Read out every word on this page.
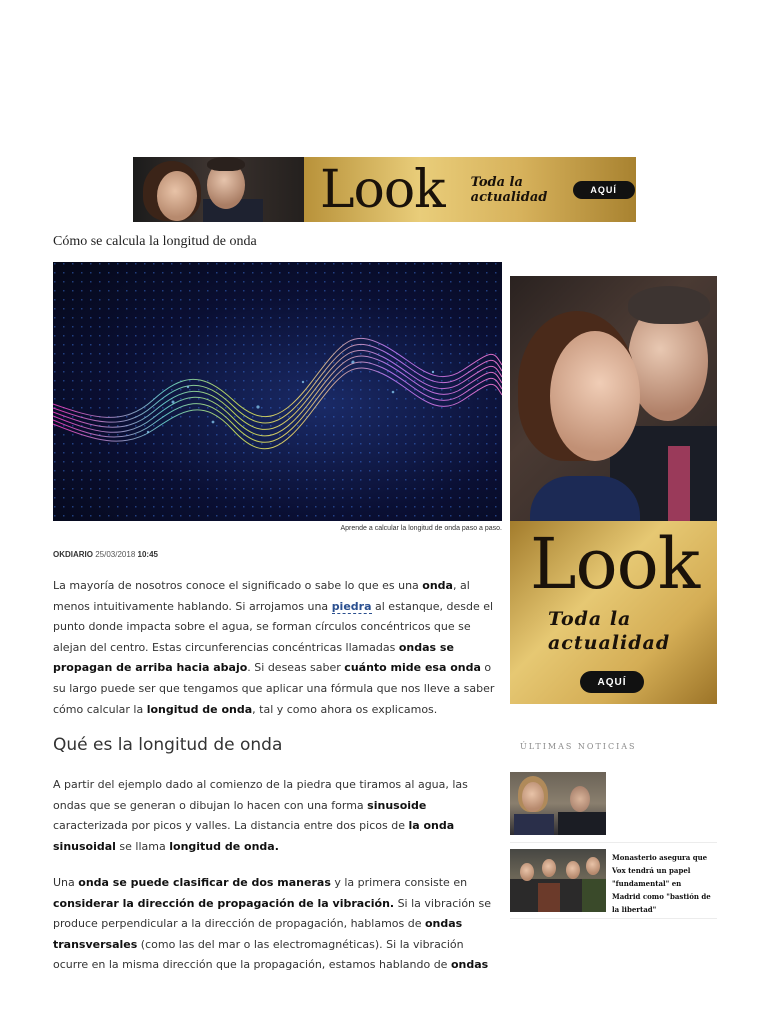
Look Toda la
actualidad	AQUÍ
Cómo se calcula la longitud de onda
Aprende a calcular la longitud de onda paso a paso.
OKDIARIO 25/03/2018 10:45

La mayoría de nosotros conoce el significado o sabe lo que es una onda, al menos intuitivamente hablando. Si arrojamos una piedra al estanque, desde el punto donde impacta sobre el agua, se forman círculos concéntricos que se alejan del centro. Estas circunferencias concéntricas llamadas ondas se propagan de arriba hacia abajo. Si deseas saber cuánto mide esa onda o su largo puede ser que tengamos que aplicar una fórmula que nos lleve a saber cómo calcular la longitud de onda, tal y como ahora os explicamos.

Qué es la longitud de onda

A partir del ejemplo dado al comienzo de la piedra que tiramos al agua, las ondas que se generan o dibujan lo hacen con una forma sinusoide caracterizada por picos y valles. La distancia entre dos picos de la onda sinusoidal se llama longitud de onda.

Una onda se puede clasificar de dos maneras y la primera consiste en considerar la dirección de propagación de la vibración. Si la vibración se produce perpendicular a la dirección de propagación, hablamos de ondas transversales (como las del mar o las electromagnéticas). Si la vibración ocurre en la misma dirección que la propagación, estamos hablando de ondas

Look
Toda la
actualidad
AQUÍ
ÚLTIMAS NOTICIAS

Monasterio asegura que Vox tendrá un papel "fundamental" en Madrid como "bastión de la libertad"
